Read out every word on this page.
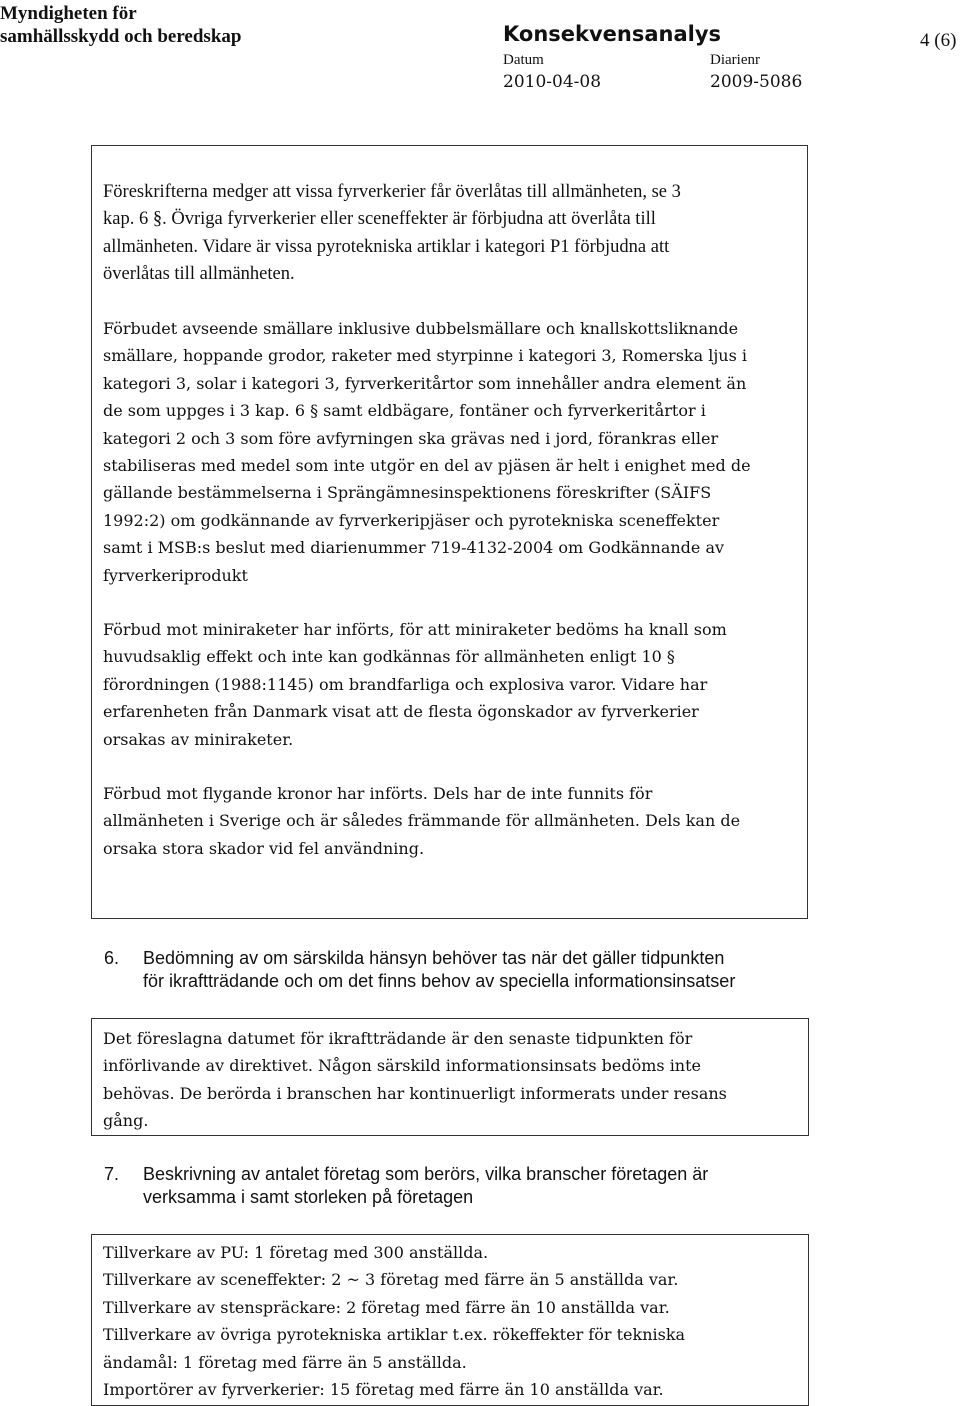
Myndigheten för
samhällsskydd och beredskap	Konsekvensanalys	4 (6)
Datum
2010-04-08
Diarienr
2009-5086

Föreskrifterna medger att vissa fyrverkerier får överlåtas till allmänheten, se 3

kap. 6 §. Övriga fyrverkerier eller sceneffekter är förbjudna att överlåta till

allmänheten. Vidare är vissa pyrotekniska artiklar i kategori P1 förbjudna att

överlåtas till allmänheten.

Förbudet avseende smällare inklusive dubbelsmällare och knallskottsliknande

smällare, hoppande grodor, raketer med styrpinne i kategori 3, Romerska ljus i

kategori 3, solar i kategori 3, fyrverkeritårtor som innehåller andra element än

de som uppges i 3 kap. 6 § samt eldbägare, fontäner och fyrverkeritårtor i

kategori 2 och 3 som före avfyrningen ska grävas ned i jord, förankras eller

stabiliseras med medel som inte utgör en del av pjäsen är helt i enighet med de

gällande bestämmelserna i Sprängämnesinspektionens föreskrifter (SÄIFS

1992:2) om godkännande av fyrverkeripjäser och pyrotekniska sceneffekter

samt i MSB:s beslut med diarienummer 719-4132-2004 om Godkännande av

fyrverkeriprodukt

Förbud mot miniraketer har införts, för att miniraketer bedöms ha knall som

huvudsaklig effekt och inte kan godkännas för allmänheten enligt 10 §

förordningen (1988:1145) om brandfarliga och explosiva varor. Vidare har

erfarenheten från Danmark visat att de flesta ögonskador av fyrverkerier

orsakas av miniraketer.

Förbud mot flygande kronor har införts. Dels har de inte funnits för

allmänheten i Sverige och är således främmande för allmänheten. Dels kan de

orsaka stora skador vid fel användning.

6. Bedömning av om särskilda hänsyn behöver tas när det gäller tidpunkten
för ikraftträdande och om det finns behov av speciella informationsinsatser

Det föreslagna datumet för ikraftträdande är den senaste tidpunkten för

införlivande av direktivet. Någon särskild informationsinsats bedöms inte

behövas. De berörda i branschen har kontinuerligt informerats under resans

gång.

7. Beskrivning av antalet företag som berörs, vilka branscher företagen är
verksamma i samt storleken på företagen

Tillverkare av PU: 1 företag med 300 anställda.

Tillverkare av sceneffekter: 2 ~ 3 företag med färre än 5 anställda var.

Tillverkare av stenspräckare: 2 företag med färre än 10 anställda var.

Tillverkare av övriga pyrotekniska artiklar t.ex. rökeffekter för tekniska

ändamål: 1 företag med färre än 5 anställda.

Importörer av fyrverkerier: 15 företag med färre än 10 anställda var.
